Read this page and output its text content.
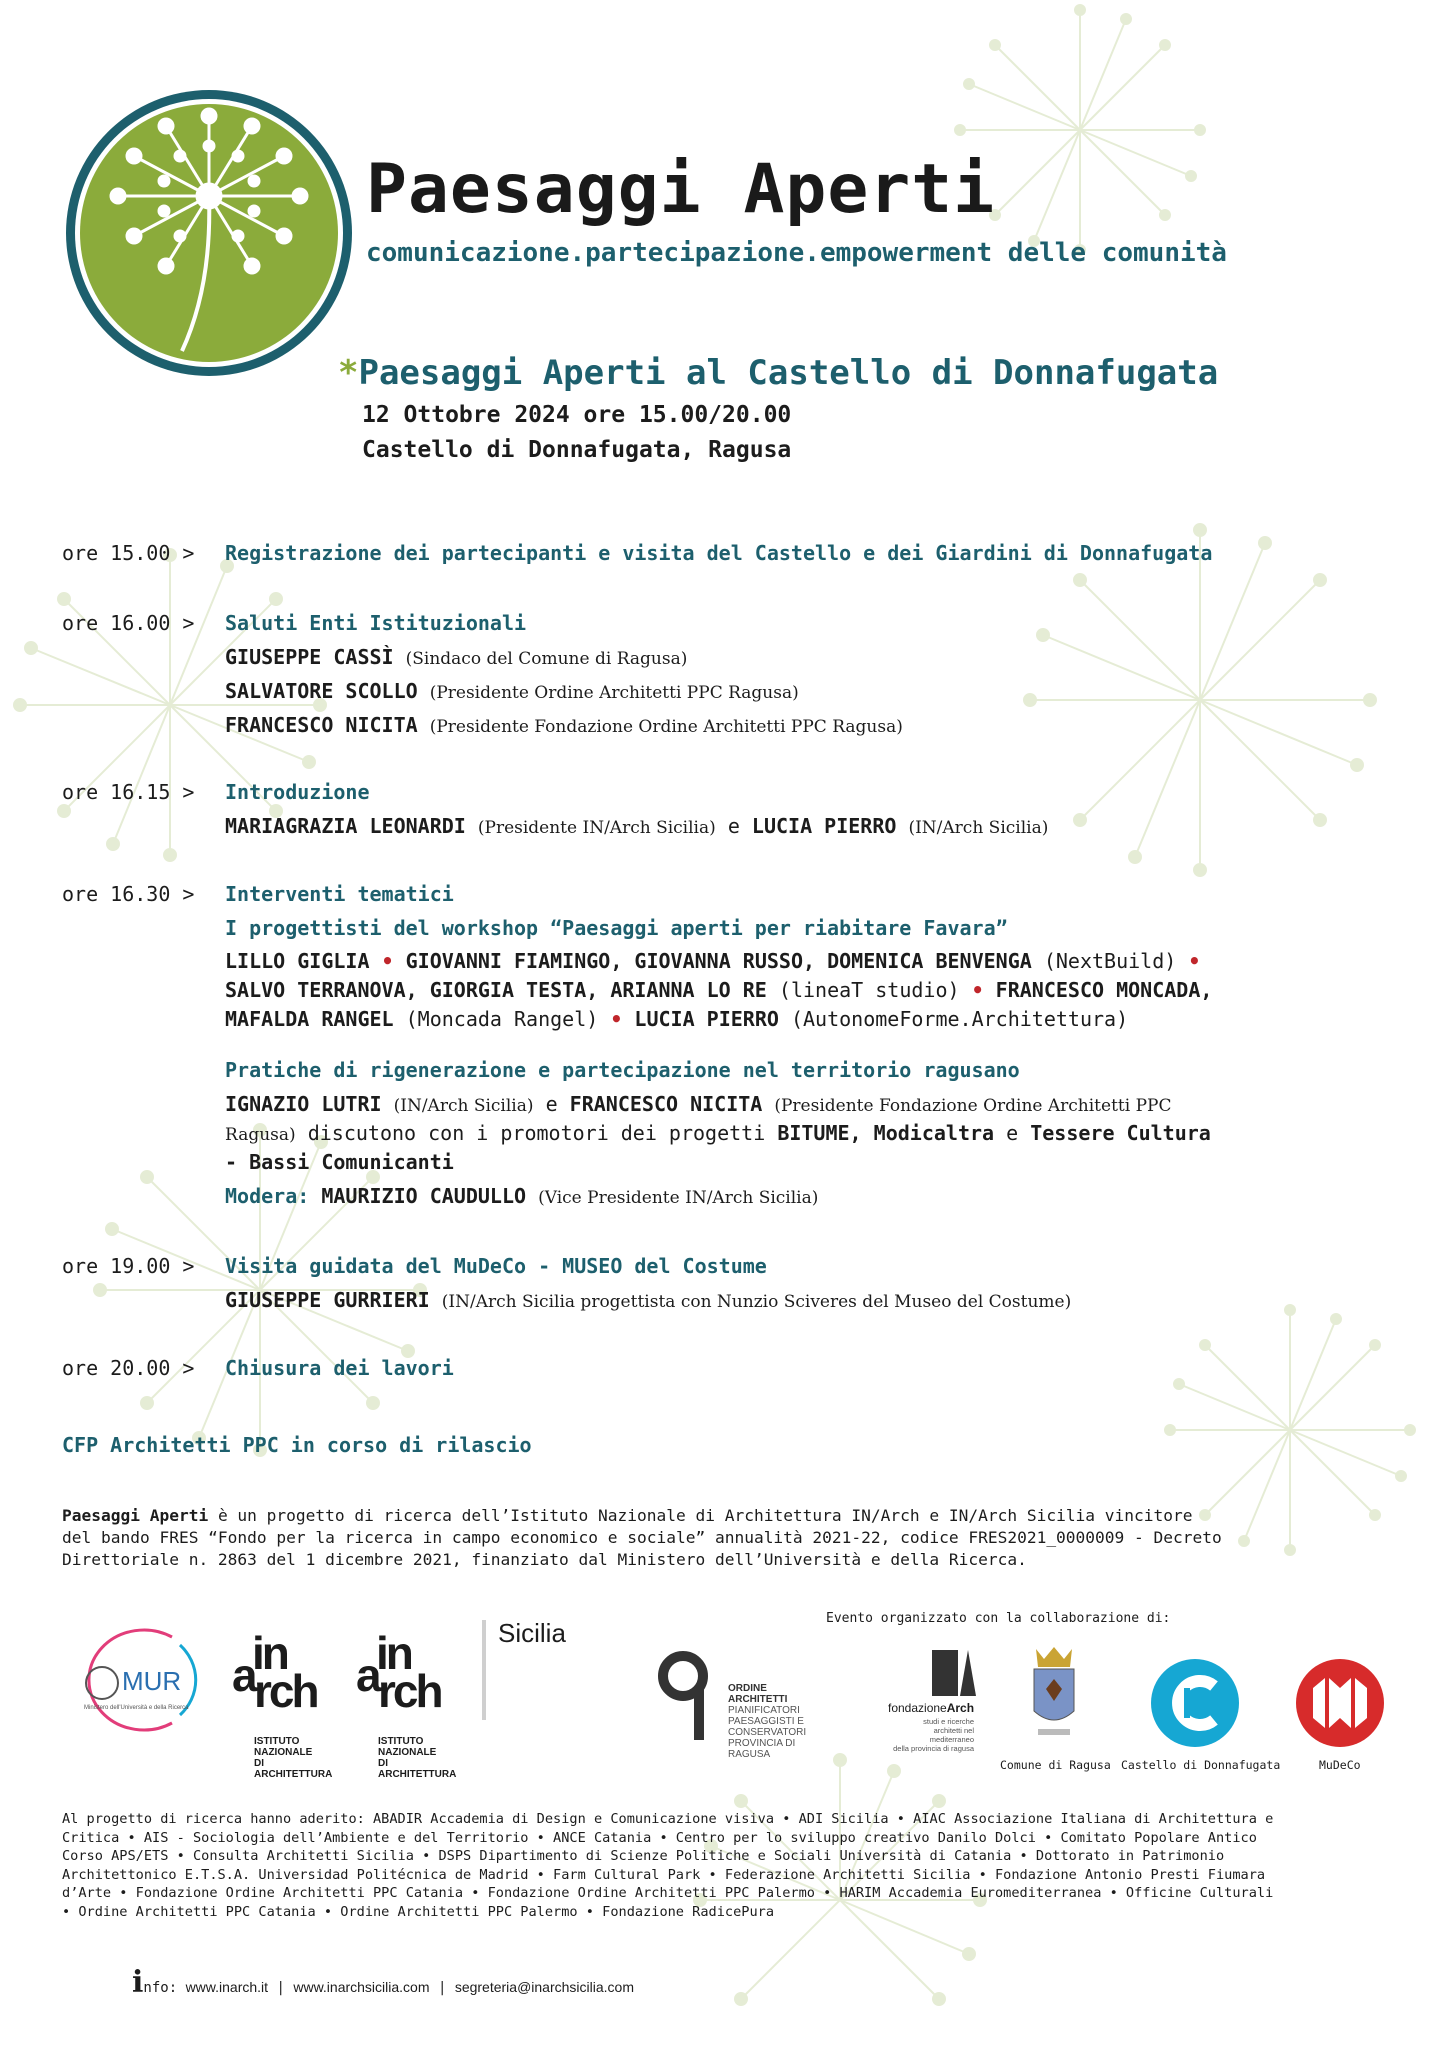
Paesaggi Aperti
comunicazione.partecipazione.empowerment delle comunità
*Paesaggi Aperti al Castello di Donnafugata
12 Ottobre 2024 ore 15.00/20.00
Castello di Donnafugata, Ragusa
ore 15.00 > Registrazione dei partecipanti e visita del Castello e dei Giardini di Donnafugata
ore 16.00 > Saluti Enti Istituzionali
GIUSEPPE CASSÌ (Sindaco del Comune di Ragusa)
SALVATORE SCOLLO (Presidente Ordine Architetti PPC Ragusa)
FRANCESCO NICITA (Presidente Fondazione Ordine Architetti PPC Ragusa)
ore 16.15 > Introduzione
MARIAGRAZIA LEONARDI (Presidente IN/Arch Sicilia) e LUCIA PIERRO (IN/Arch Sicilia)
ore 16.30 > Interventi tematici
I progettisti del workshop “Paesaggi aperti per riabitare Favara”
LILLO GIGLIA • GIOVANNI FIAMINGO, GIOVANNA RUSSO, DOMENICA BENVENGA (NextBuild) •
SALVO TERRANOVA, GIORGIA TESTA, ARIANNA LO RE (lineaT studio) • FRANCESCO MONCADA,
MAFALDA RANGEL (Moncada Rangel) • LUCIA PIERRO (AutonomeForme.Architettura)
Pratiche di rigenerazione e partecipazione nel territorio ragusano
IGNAZIO LUTRI (IN/Arch Sicilia) e FRANCESCO NICITA (Presidente Fondazione Ordine Architetti PPC
Ragusa) discutono con i promotori dei progetti BITUME, Modicaltra e Tessere Cultura
- Bassi Comunicanti
Modera: MAURIZIO CAUDULLO (Vice Presidente IN/Arch Sicilia)
ore 19.00 > Visita guidata del MuDeCo - MUSEO del Costume
GIUSEPPE GURRIERI (IN/Arch Sicilia progettista con Nunzio Sciveres del Museo del Costume)
ore 20.00 > Chiusura dei lavori
CFP Architetti PPC in corso di rilascio
Paesaggi Aperti è un progetto di ricerca dell’Istituto Nazionale di Architettura IN/Arch e IN/Arch Sicilia vincitore
del bando FRES “Fondo per la ricerca in campo economico e sociale” annualità 2021-22, codice FRES2021_0000009 - Decreto
Direttoriale n. 2863 del 1 dicembre 2021, finanziato dal Ministero dell’Università e della Ricerca.
MUR
Ministero dell'Università e della Ricerca
in
a
rch
ISTITUTO
NAZIONALE
DI ARCHITETTURA
in
a
rch
Sicilia
ISTITUTO
NAZIONALE
DI ARCHITETTURA
Evento organizzato con la collaborazione di:
ORDINE ARCHITETTI
PIANIFICATORI
PAESAGGISTI E CONSERVATORI
PROVINCIA DI RAGUSA
fondazioneArch
studi e ricerche
architetti nel mediterraneo
della provincia di ragusa
Comune di Ragusa Castello di Donnafugata	MuDeCo
Al progetto di ricerca hanno aderito: ABADIR Accademia di Design e Comunicazione visiva • ADI Sicilia • AIAC Associazione Italiana di Architettura e
Critica • AIS - Sociologia dell’Ambiente e del Territorio • ANCE Catania • Centro per lo sviluppo creativo Danilo Dolci • Comitato Popolare Antico
Corso APS/ETS • Consulta Architetti Sicilia • DSPS Dipartimento di Scienze Politiche e Sociali Università di Catania • Dottorato in Patrimonio
Architettonico E.T.S.A. Universidad Politécnica de Madrid • Farm Cultural Park • Federazione Architetti Sicilia • Fondazione Antonio Presti Fiumara
d’Arte • Fondazione Ordine Architetti PPC Catania • Fondazione Ordine Architetti PPC Palermo • HARIM Accademia Euromediterranea • Officine Culturali
• Ordine Architetti PPC Catania • Ordine Architetti PPC Palermo • Fondazione RadicePura
info: www.inarch.it | www.inarchsicilia.com | segreteria@inarchsicilia.com
